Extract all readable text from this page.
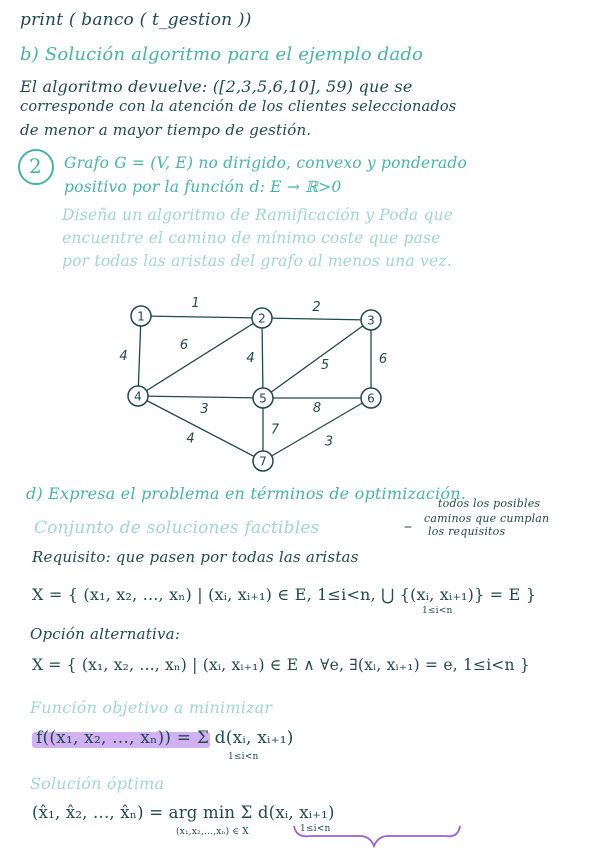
print ( banco ( t_gestion ))
b) Solución algoritmo para el ejemplo dado
El algoritmo devuelve: ([2,3,5,6,10], 59) que se
corresponde con la atención de los clientes seleccionados
de menor a mayor tiempo de gestión.
2 Grafo G = (V, E) no dirigido, convexo y ponderado
positivo por la función d: E → ℝ>0
Diseña un algoritmo de Ramificación y Poda que
encuentre el camino de mínimo coste que pase
por todas las aristas del grafo al menos una vez.
1	2
4
6
4	5	6
3	8
7
4	3
1	2	3
4	5	6
7
d) Expresa el problema en términos de optimización.
Conjunto de soluciones factibles	–
todos los posibles
caminos que cumplan
los requisitos
Requisito: que pasen por todas las aristas
X = { (x₁, x₂, ..., xₙ) | (xᵢ, xᵢ₊₁) ∈ E, 1≤i<n, ⋃ {(xᵢ, xᵢ₊₁)} = E }
1≤i<n
Opción alternativa:
X = { (x₁, x₂, ..., xₙ) | (xᵢ, xᵢ₊₁) ∈ E ∧ ∀e, ∃(xᵢ, xᵢ₊₁) = e, 1≤i<n }
Función objetivo a minimizar
f((x₁, x₂, ..., xₙ)) = Σ d(xᵢ, xᵢ₊₁)
1≤i<n
Solución óptima
(x̂₁, x̂₂, ..., x̂ₙ) = arg min Σ d(xᵢ, xᵢ₊₁)
(x₁,x₂,...,xₙ) ∈ X	1≤i<n
